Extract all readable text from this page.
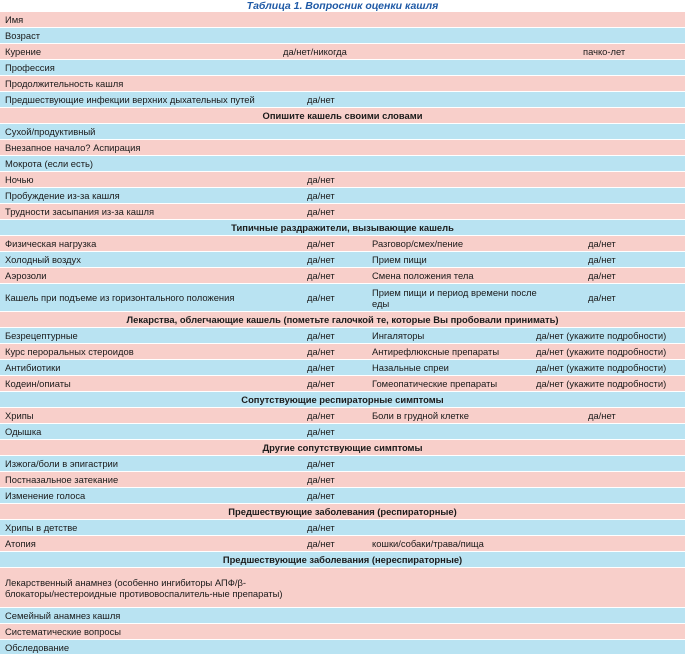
Таблица 1. Вопросник оценки кашля
Имя
Возраст
Курение	да/нет/никогда	пачко-лет
Профессия
Продолжительность кашля
Предшествующие инфекции верхних дыхательных путей	да/нет
Опишите кашель своими словами
Сухой/продуктивный
Внезапное начало? Аспирация
Мокрота (если есть)
Ночью	да/нет
Пробуждение из-за кашля	да/нет
Трудности засыпания из-за кашля	да/нет
Типичные раздражители, вызывающие кашель
Физическая нагрузка	да/нет	Разговор/смех/пение	да/нет
Холодный воздух	да/нет	Прием пищи	да/нет
Аэрозоли	да/нет	Смена положения тела	да/нет
Кашель при подъеме из горизонтального положения	да/нет	Прием пищи и период времени после еды	да/нет
Лекарства, облегчающие кашель (пометьте галочкой те, которые Вы пробовали принимать)
Безрецептурные	да/нет	Ингаляторы	да/нет (укажите подробности)
Курс пероральных стероидов	да/нет	Антирефлюксные препараты	да/нет (укажите подробности)
Антибиотики	да/нет	Назальные спреи	да/нет (укажите подробности)
Кодеин/опиаты	да/нет	Гомеопатические препараты	да/нет (укажите подробности)
Сопутствующие респираторные симптомы
Хрипы	да/нет	Боли в грудной клетке	да/нет
Одышка	да/нет
Другие сопутствующие симптомы
Изжога/боли в эпигастрии	да/нет
Постназальное затекание	да/нет
Изменение голоса	да/нет
Предшествующие заболевания (респираторные)
Хрипы в детстве	да/нет
Атопия	да/нет	кошки/собаки/трава/пища
Предшествующие заболевания (нереспираторные)
Лекарственный анамнез (особенно ингибиторы АПФ/β-блокаторы/нестероидные противовоспалитель-ные препараты)
Семейный анамнез кашля
Систематические вопросы
Обследование
